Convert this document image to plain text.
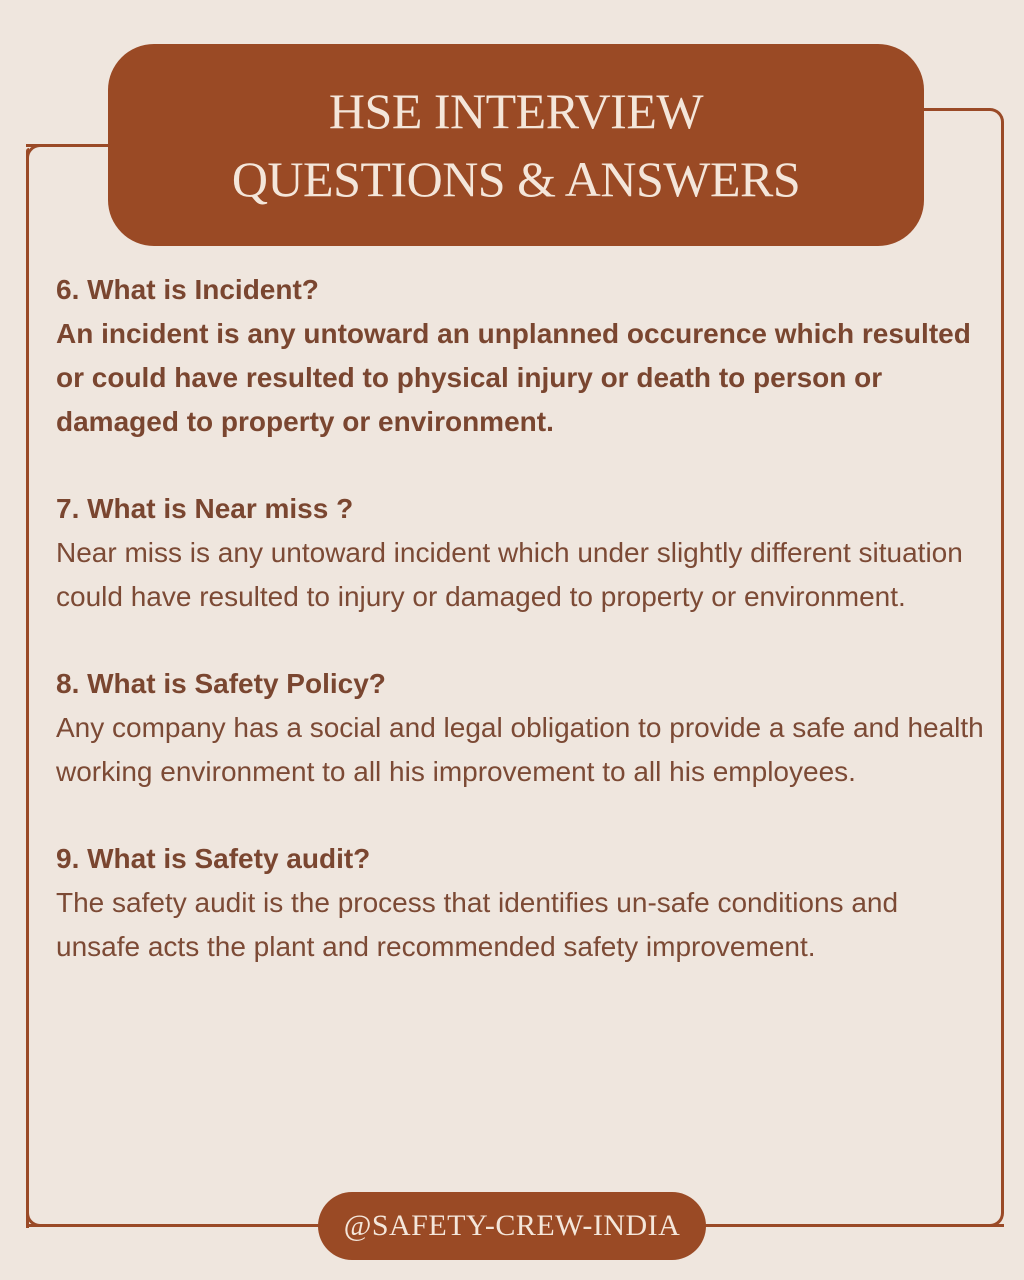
HSE INTERVIEW
QUESTIONS & ANSWERS
6. What is Incident?
An incident is any untoward an unplanned occurence which resulted or could have resulted to physical injury or death to person or damaged to property or environment.
7. What is Near miss ?
Near miss is any untoward incident which under slightly different situation could have resulted to injury or damaged to property or environment.
8. What is Safety Policy?
Any company has a social and legal obligation to provide a safe and health working environment to all his improvement to all his employees.
9. What is Safety audit?
The safety audit is the process that identifies un-safe conditions and unsafe acts the plant and recommended safety improvement.
@SAFETY-CREW-INDIA
